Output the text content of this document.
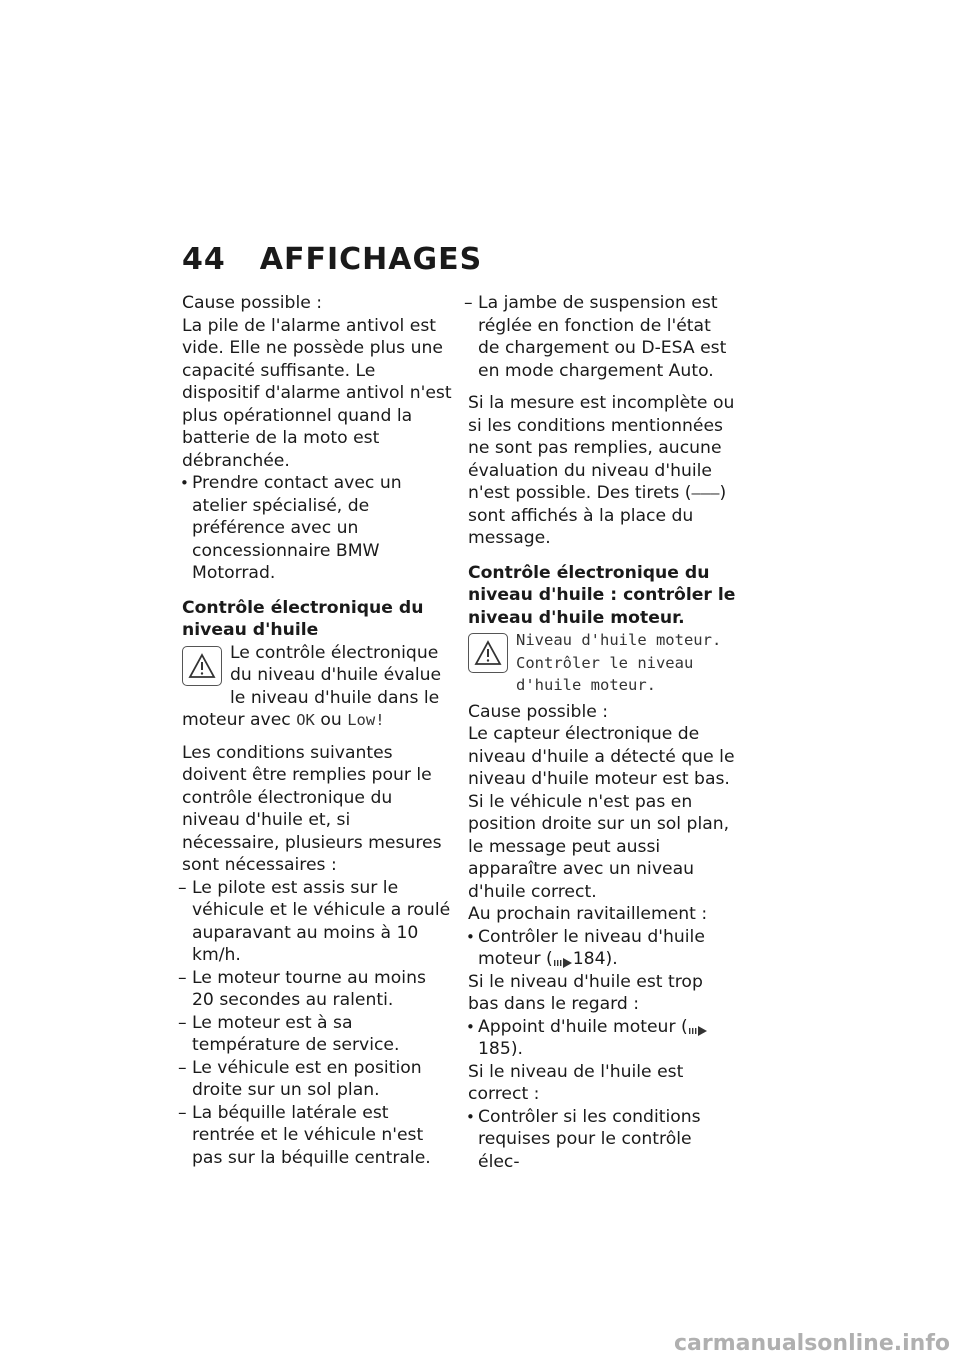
44 AFFICHAGES

Cause possible :

La pile de l'alarme antivol est vide. Elle ne possède plus une capacité suffisante. Le dispositif d'alarme antivol n'est plus opérationnel quand la batterie de la moto est débranchée.

• Prendre contact avec un atelier spécialisé, de préférence avec un concessionnaire BMW Motorrad.

Contrôle électronique du niveau d'huile

Le contrôle électronique du niveau d'huile évalue le niveau d'huile dans le moteur avec OK ou Low!

Les conditions suivantes doivent être remplies pour le contrôle électronique du niveau d'huile et, si nécessaire, plusieurs mesures sont nécessaires :

– Le pilote est assis sur le véhicule et le véhicule a roulé auparavant au moins à 10 km/h.
– Le moteur tourne au moins 20 secondes au ralenti.
– Le moteur est à sa température de service.
– Le véhicule est en position droite sur un sol plan.
– La béquille latérale est rentrée et le véhicule n'est pas sur la béquille centrale.
– La jambe de suspension est réglée en fonction de l'état de chargement ou D-ESA est en mode chargement Auto.

Si la mesure est incomplète ou si les conditions mentionnées ne sont pas remplies, aucune évaluation du niveau d'huile n'est possible. Des tirets (–––) sont affichés à la place du message.

Contrôle électronique du niveau d'huile : contrôler le niveau d'huile moteur.

Niveau d'huile moteur. Contrôler le niveau d'huile moteur.

Cause possible :

Le capteur électronique de niveau d'huile a détecté que le niveau d'huile moteur est bas.

Si le véhicule n'est pas en position droite sur un sol plan, le message peut aussi apparaître avec un niveau d'huile correct.

Au prochain ravitaillement :

• Contrôler le niveau d'huile moteur ( 184).

Si le niveau d'huile est trop bas dans le regard :

• Appoint d'huile moteur (185).

Si le niveau de l'huile est correct :

• Contrôler si les conditions requises pour le contrôle élec-
carmanualsonline.info
